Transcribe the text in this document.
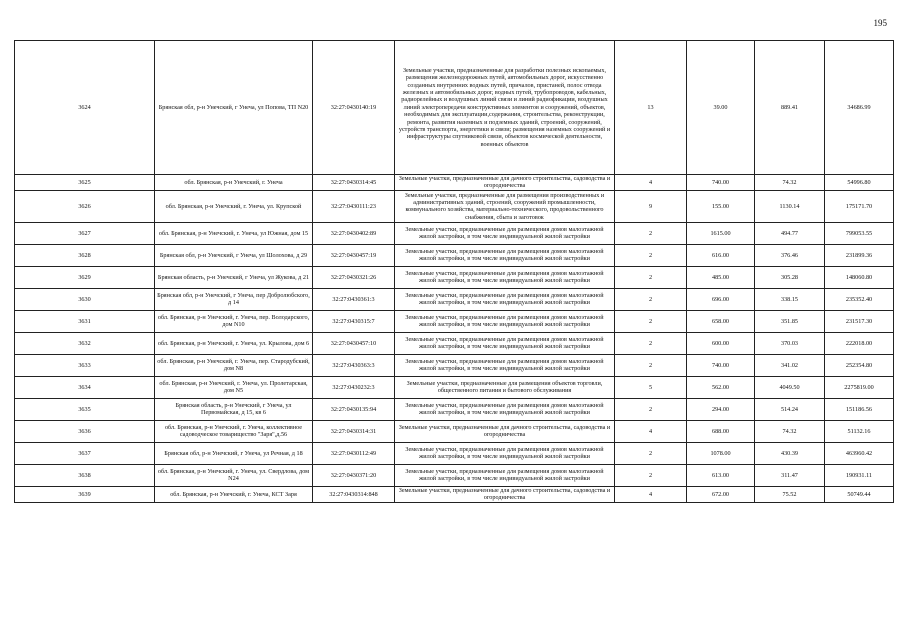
195
3624	Брянская обл, р-н Унечский, г Унеча, ул Попова, ТП N20	32:27:0430140:19	Земельные участки, предназначенные для разработки полезных ископаемых, размещения железнодорожных путей, автомобильных дорог, искусственно созданных внутренних водных путей, причалов, пристаней, полос отвода железных и автомобильных дорог, водных путей, трубопроводов, кабельных, радиорелейных и воздушных линий связи и линий радиофикации, воздушных линий электропередачи конструктивных элементов и сооружений, объектов, необходимых для эксплуатации,содержания, строительства, реконструкции, ремонта, развития наземных и подземных зданий, строений, сооружений, устройств транспорта, энергетики и связи; размещения наземных сооружений и инфраструктуры спутниковой связи, объектов космической деятельности, военных объектов	13	39.00	889.41	34686.99
3625	обл. Брянская, р-н Унечский, г. Унеча	32:27:0430314:45	Земельные участки, предназначенные для дачного строительства, садоводства и огородничества	4	740.00	74.32	54996.80
3626	обл. Брянская, р-н Унечский, г. Унеча, ул. Крупской	32:27:0430111:23	Земельные участки, предназначенные для размещения производственных и административных зданий, строений, сооружений промышленности, коммунального хозяйства, материально-технического, продовольственного снабжения, сбыта и заготовок	9	155.00	1130.14	175171.70
3627	обл. Брянская, р-н Унечский, г. Унеча, ул Южная, дом 15	32:27:0430402:89	Земельные участки, предназначенные для размещения домов малоэтажной жилой застройки, в том числе индивидуальной жилой застройки	2	1615.00	494.77	799053.55
3628	Брянская обл, р-н Унечский, г Унеча, ул Шолохова, д 29	32:27:0430457:19	Земельные участки, предназначенные для размещения домов малоэтажной жилой застройки, в том числе индивидуальной жилой застройки	2	616.00	376.46	231899.36
3629	Брянская область, р-н Унечский, г Унеча, ул Жукова, д 21	32:27:0430321:26	Земельные участки, предназначенные для размещения домов малоэтажной жилой застройки, в том числе индивидуальной жилой застройки	2	485.00	305.28	148060.80
3630	Брянская обл, р-н Унечский, г Унеча, пер Добролюбского, д 14	32:27:0430361:3	Земельные участки, предназначенные для размещения домов малоэтажной жилой застройки, в том числе индивидуальной жилой застройки	2	696.00	338.15	235352.40
3631	обл. Брянская, р-н Унечский, г. Унеча, пер. Володарского, дом N10	32:27:0430315:7	Земельные участки, предназначенные для размещения домов малоэтажной жилой застройки, в том числе индивидуальной жилой застройки	2	658.00	351.85	231517.30
3632	обл. Брянская, р-н Унечский, г. Унеча, ул. Крылова, дом 6	32:27:0430457:10	Земельные участки, предназначенные для размещения домов малоэтажной жилой застройки, в том числе индивидуальной жилой застройки	2	600.00	370.03	222018.00
3633	обл. Брянская, р-н Унечский, г. Унеча, пер. Стародубский, дом N8	32:27:0430363:3	Земельные участки, предназначенные для размещения домов малоэтажной жилой застройки, в том числе индивидуальной жилой застройки	2	740.00	341.02	252354.80
3634	обл. Брянская, р-н Унечский, г. Унеча, ул. Пролетарская, дом N5	32:27:0430232:3	Земельные участки, предназначенные для размещения объектов торговли, общественного питания и бытового обслуживания	5	562.00	4049.50	2275819.00
3635	Брянская область, р-н Унечский, г Унеча, ул Первомайская, д 15, кв 6	32:27:0430135:94	Земельные участки, предназначенные для размещения домов малоэтажной жилой застройки, в том числе индивидуальной жилой застройки	2	294.00	514.24	151186.56
3636	обл. Брянская, р-н Унечский, г. Унеча, коллективное садоводческое товарищество "Заря",д.56	32:27:0430314:31	Земельные участки, предназначенные для дачного строительства, садоводства и огородничества	4	688.00	74.32	51132.16
3637	Брянская обл, р-н Унечский, г Унеча, ул Речная, д 18	32:27:0430112:49	Земельные участки, предназначенные для размещения домов малоэтажной жилой застройки, в том числе индивидуальной жилой застройки	2	1078.00	430.39	463960.42
3638	обл. Брянская, р-н Унечский, г. Унеча, ул. Свердлова, дом N24	32:27:0430371:20	Земельные участки, предназначенные для размещения домов малоэтажной жилой застройки, в том числе индивидуальной жилой застройки	2	613.00	311.47	190931.11
3639	обл. Брянская, р-н Унечский, г. Унеча, КСТ Заря	32:27:0430314:848	Земельные участки, предназначенные для дачного строительства, садоводства и огородничества	4	672.00	75.52	50749.44
